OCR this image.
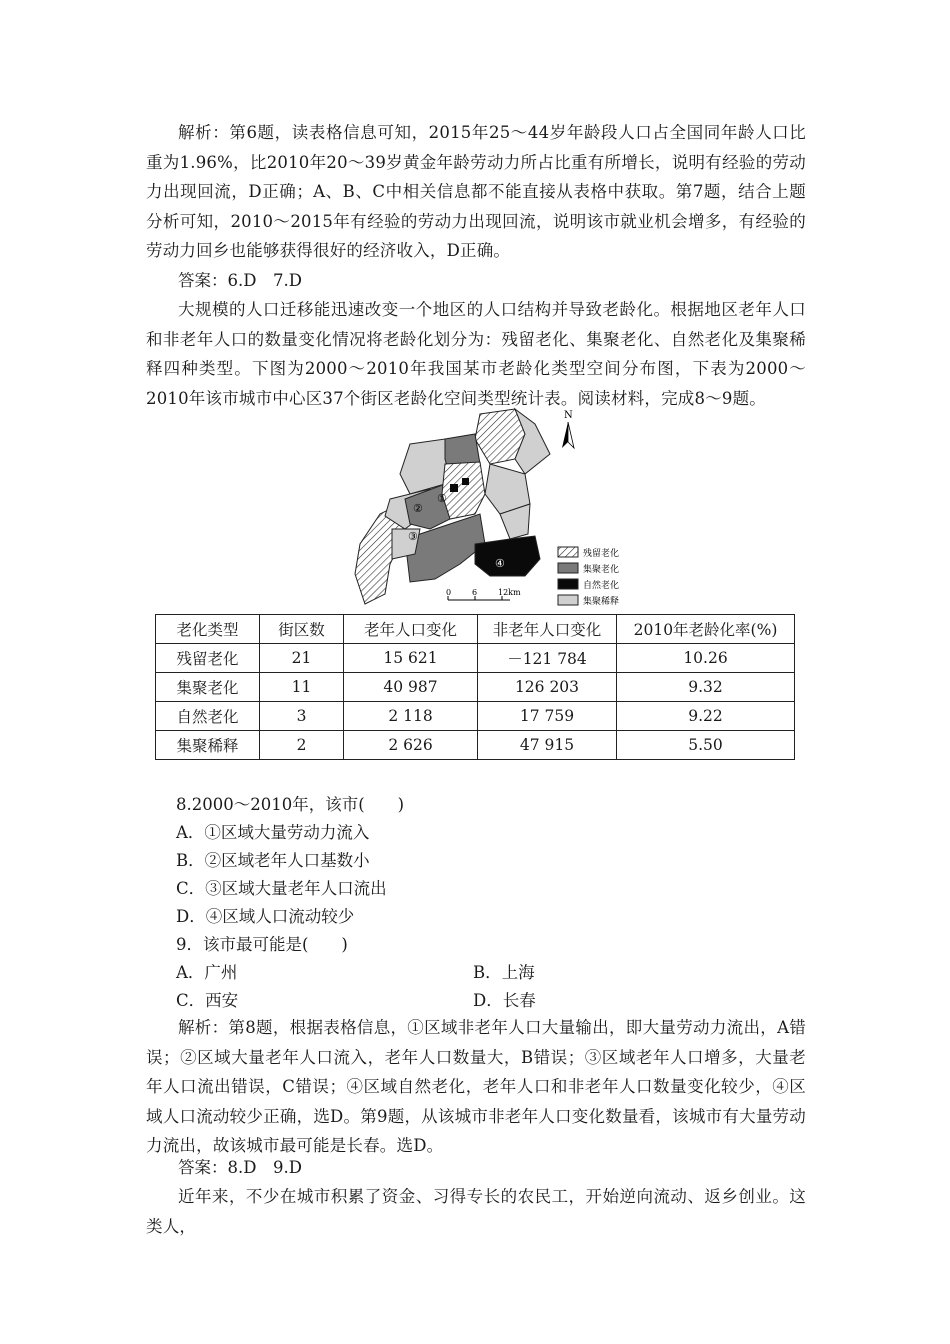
解析：第6题，读表格信息可知，2015年25～44岁年龄段人口占全国同年龄人口比重为1.96%，比2010年20～39岁黄金年龄劳动力所占比重有所增长，说明有经验的劳动力出现回流，D正确；A、B、C中相关信息都不能直接从表格中获取。第7题，结合上题分析可知，2010～2015年有经验的劳动力出现回流，说明该市就业机会增多，有经验的劳动力回乡也能够获得很好的经济收入，D正确。
答案：6.D　7.D
大规模的人口迁移能迅速改变一个地区的人口结构并导致老龄化。根据地区老年人口和非老年人口的数量变化情况将老龄化划分为：残留老化、集聚老化、自然老化及集聚稀释四种类型。下图为2000～2010年我国某市老龄化类型空间分布图，下表为2000～2010年该市城市中心区37个街区老龄化空间类型统计表。阅读材料，完成8～9题。
①
②
③
④
N
残留老化
集聚老化
自然老化
集聚稀释
0	6	12km
老化类型	街区数	老年人口变化	非老年人口变化	2010年老龄化率(%)
残留老化	21	15 621	－121 784	10.26
集聚老化	11	40 987	126 203	9.32
自然老化	3	2 118	17 759	9.22
集聚稀释	2	2 626	47 915	5.50
8.2000～2010年，该市(　　)
A．①区域大量劳动力流入
B．②区域老年人口基数小
C．③区域大量老年人口流出
D．④区域人口流动较少
9．该市最可能是(　　)
A．广州	B．上海
C．西安	D．长春
解析：第8题，根据表格信息，①区域非老年人口大量输出，即大量劳动力流出，A错误；②区域大量老年人口流入，老年人口数量大，B错误；③区域老年人口增多，大量老年人口流出错误，C错误；④区域自然老化，老年人口和非老年人口数量变化较少，④区域人口流动较少正确，选D。第9题，从该城市非老年人口变化数量看，该城市有大量劳动力流出，故该城市最可能是长春。选D。
答案：8.D　9.D
近年来，不少在城市积累了资金、习得专长的农民工，开始逆向流动、返乡创业。这类人，
